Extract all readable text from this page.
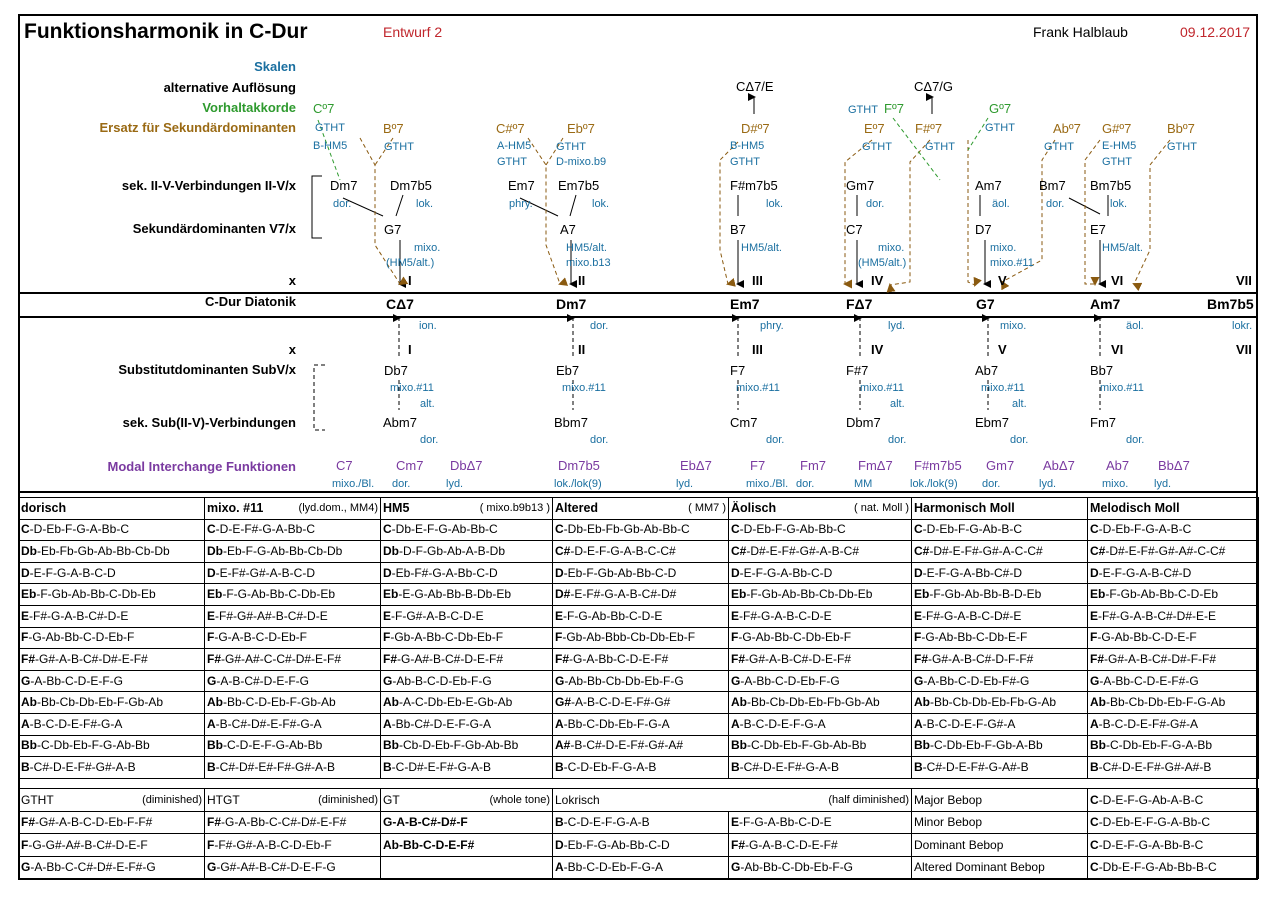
Funktionsharmonik in C-Dur	Entwurf 2	Frank Halblaub	09.12.2017
Skalen
alternative Auflösung
Vorhaltakkorde
Ersatz für Sekundärdominanten
sek. II-V-Verbindungen II-V/x
Sekundärdominanten V7/x
x
C-Dur Diatonik
x
Substitutdominanten SubV/x
sek. Sub(II-V)-Verbindungen
Modal Interchange Funktionen
CΔ7/E	CΔ7/G
Cº7	Fº7	Gº7
Bº7	C#º7	Ebº7	D#º7	Eº7 F#º7	Abº7 G#º7	Bbº7
GTHT
GTHT
B-HM5	A-HM5
GTHT	D-mixo.b9
GTHT	B-HM5
GTHT
GTHT
GTHT	GTHT
GTHT
GTHT	E-HM5
GTHT
GTHT
Dm7
dor.
Dm7b5
lok.
Em7
phry.
Em7b5
lok.
F#m7b5
lok.
Gm7
dor.
Am7
äol.
Bm7
dor.
Bm7b5
lok.
G7
mixo.
(HM5/alt.)
A7
HM5/alt.
mixo.b13
B7
HM5/alt.
C7
mixo.
(HM5/alt.)
D7
mixo.
mixo.#11
E7
HM5/alt.
I	II	III	IV	V	VI	VII
CΔ7	Dm7	Em7	FΔ7	G7	Am7	Bm7b5
ion.	dor.	phry.	lyd.	mixo.	äol.	lokr.
I	II	III	IV	V	VI	VII
Db7
mixo.#11
alt.
Eb7
mixo.#11
F7
mixo.#11
F#7
mixo.#11
alt.
Ab7
mixo.#11
alt.
Bb7
mixo.#11
Abm7
dor.
Bbm7
dor.
Cm7
dor.
Dbm7
dor.
Ebm7
dor.
Fm7
dor.
C7
mixo./Bl.
Cm7
dor.
DbΔ7
lyd.
Dm7b5
lok./lok(9)
EbΔ7
lyd.
F7
mixo./Bl.
Fm7
dor.
FmΔ7
MM
F#m7b5
lok./lok(9)
Gm7
dor.
AbΔ7
lyd.
Ab7
mixo.
BbΔ7
lyd.
dorisch	mixo. #11 (lyd.dom., MM4)	HM5 ( mixo.b9b13 )	Altered ( MM7 )	Äolisch ( nat. Moll )	Harmonisch Moll	Melodisch Moll

C-D-Eb-F-G-A-Bb-C	C-D-E-F#-G-A-Bb-C	C-Db-E-F-G-Ab-Bb-C	C-Db-Eb-Fb-Gb-Ab-Bb-C	C-D-Eb-F-G-Ab-Bb-C	C-D-Eb-F-G-Ab-B-C	C-D-Eb-F-G-A-B-C
Db-Eb-Fb-Gb-Ab-Bb-Cb-Db	Db-Eb-F-G-Ab-Bb-Cb-Db	Db-D-F-Gb-Ab-A-B-Db	C#-D-E-F-G-A-B-C-C#	C#-D#-E-F#-G#-A-B-C#	C#-D#-E-F#-G#-A-C-C#	C#-D#-E-F#-G#-A#-C-C#
D-E-F-G-A-B-C-D	D-E-F#-G#-A-B-C-D	D-Eb-F#-G-A-Bb-C-D	D-Eb-F-Gb-Ab-Bb-C-D	D-E-F-G-A-Bb-C-D	D-E-F-G-A-Bb-C#-D	D-E-F-G-A-B-C#-D
Eb-F-Gb-Ab-Bb-C-Db-Eb	Eb-F-G-Ab-Bb-C-Db-Eb	Eb-E-G-Ab-Bb-B-Db-Eb	D#-E-F#-G-A-B-C#-D#	Eb-F-Gb-Ab-Bb-Cb-Db-Eb	Eb-F-Gb-Ab-Bb-B-D-Eb	Eb-F-Gb-Ab-Bb-C-D-Eb
E-F#-G-A-B-C#-D-E	E-F#-G#-A#-B-C#-D-E	E-F-G#-A-B-C-D-E	E-F-G-Ab-Bb-C-D-E	E-F#-G-A-B-C-D-E	E-F#-G-A-B-C-D#-E	E-F#-G-A-B-C#-D#-E-E
F-G-Ab-Bb-C-D-Eb-F	F-G-A-B-C-D-Eb-F	F-Gb-A-Bb-C-Db-Eb-F	F-Gb-Ab-Bbb-Cb-Db-Eb-F	F-G-Ab-Bb-C-Db-Eb-F	F-G-Ab-Bb-C-Db-E-F	F-G-Ab-Bb-C-D-E-F
F#-G#-A-B-C#-D#-E-F#	F#-G#-A#-C-C#-D#-E-F#	F#-G-A#-B-C#-D-E-F#	F#-G-A-Bb-C-D-E-F#	F#-G#-A-B-C#-D-E-F#	F#-G#-A-B-C#-D-F-F#	F#-G#-A-B-C#-D#-F-F#
G-A-Bb-C-D-E-F-G	G-A-B-C#-D-E-F-G	G-Ab-B-C-D-Eb-F-G	G-Ab-Bb-Cb-Db-Eb-F-G	G-A-Bb-C-D-Eb-F-G	G-A-Bb-C-D-Eb-F#-G	G-A-Bb-C-D-E-F#-G
Ab-Bb-Cb-Db-Eb-F-Gb-Ab	Ab-Bb-C-D-Eb-F-Gb-Ab	Ab-A-C-Db-Eb-E-Gb-Ab	G#-A-B-C-D-E-F#-G#	Ab-Bb-Cb-Db-Eb-Fb-Gb-Ab	Ab-Bb-Cb-Db-Eb-Fb-G-Ab	Ab-Bb-Cb-Db-Eb-F-G-Ab
A-B-C-D-E-F#-G-A	A-B-C#-D#-E-F#-G-A	A-Bb-C#-D-E-F-G-A	A-Bb-C-Db-Eb-F-G-A	A-B-C-D-E-F-G-A	A-B-C-D-E-F-G#-A	A-B-C-D-E-F#-G#-A
Bb-C-Db-Eb-F-G-Ab-Bb	Bb-C-D-E-F-G-Ab-Bb	Bb-Cb-D-Eb-F-Gb-Ab-Bb	A#-B-C#-D-E-F#-G#-A#	Bb-C-Db-Eb-F-Gb-Ab-Bb	Bb-C-Db-Eb-F-Gb-A-Bb	Bb-C-Db-Eb-F-G-A-Bb
B-C#-D-E-F#-G#-A-B	B-C#-D#-E#-F#-G#-A-B	B-C-D#-E-F#-G-A-B	B-C-D-Eb-F-G-A-B	B-C#-D-E-F#-G-A-B	B-C#-D-E-F#-G-A#-B	B-C#-D-E-F#-G#-A#-B
GTHT (diminished)	HTGT (diminished)	GT (whole tone)	Lokrisch (half diminished)		Major Bebop	C-D-E-F-G-Ab-A-B-C
F#-G#-A-B-C-D-Eb-F-F#	F#-G-A-Bb-C-C#-D#-E-F#	G-A-B-C#-D#-F	B-C-D-E-F-G-A-B	E-F-G-A-Bb-C-D-E	Minor Bebop	C-D-Eb-E-F-G-A-Bb-C
F-G-G#-A#-B-C#-D-E-F	F-F#-G#-A-B-C-D-Eb-F	Ab-Bb-C-D-E-F#	D-Eb-F-G-Ab-Bb-C-D	F#-G-A-B-C-D-E-F#	Dominant Bebop	C-D-E-F-G-A-Bb-B-C
G-A-Bb-C-C#-D#-E-F#-G	G-G#-A#-B-C#-D-E-F-G		A-Bb-C-D-Eb-F-G-A	G-Ab-Bb-C-Db-Eb-F-G	Altered Dominant Bebop	C-Db-E-F-G-Ab-Bb-B-C
